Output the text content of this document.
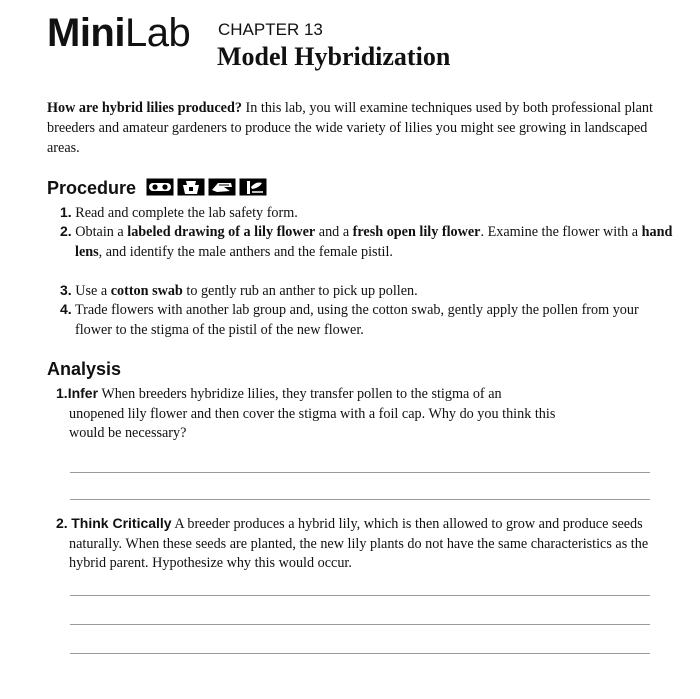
MiniLab CHAPTER 13
Model Hybridization
How are hybrid lilies produced? In this lab, you will examine techniques used by both professional plant breeders and amateur gardeners to produce the wide variety of lilies you might see growing in landscaped areas.
Procedure
1. Read and complete the lab safety form.
2. Obtain a labeled drawing of a lily flower and a fresh open lily flower. Examine the flower with a hand lens, and identify the male anthers and the female pistil.
3. Use a cotton swab to gently rub an anther to pick up pollen.
4. Trade flowers with another lab group and, using the cotton swab, gently apply the pollen from your flower to the stigma of the pistil of the new flower.
Analysis
1.Infer When breeders hybridize lilies, they transfer pollen to the stigma of an unopened lily flower and then cover the stigma with a foil cap. Why do you think this would be necessary?
2. Think Critically A breeder produces a hybrid lily, which is then allowed to grow and produce seeds naturally. When these seeds are planted, the new lily plants do not have the same characteristics as the hybrid parent. Hypothesize why this would occur.
